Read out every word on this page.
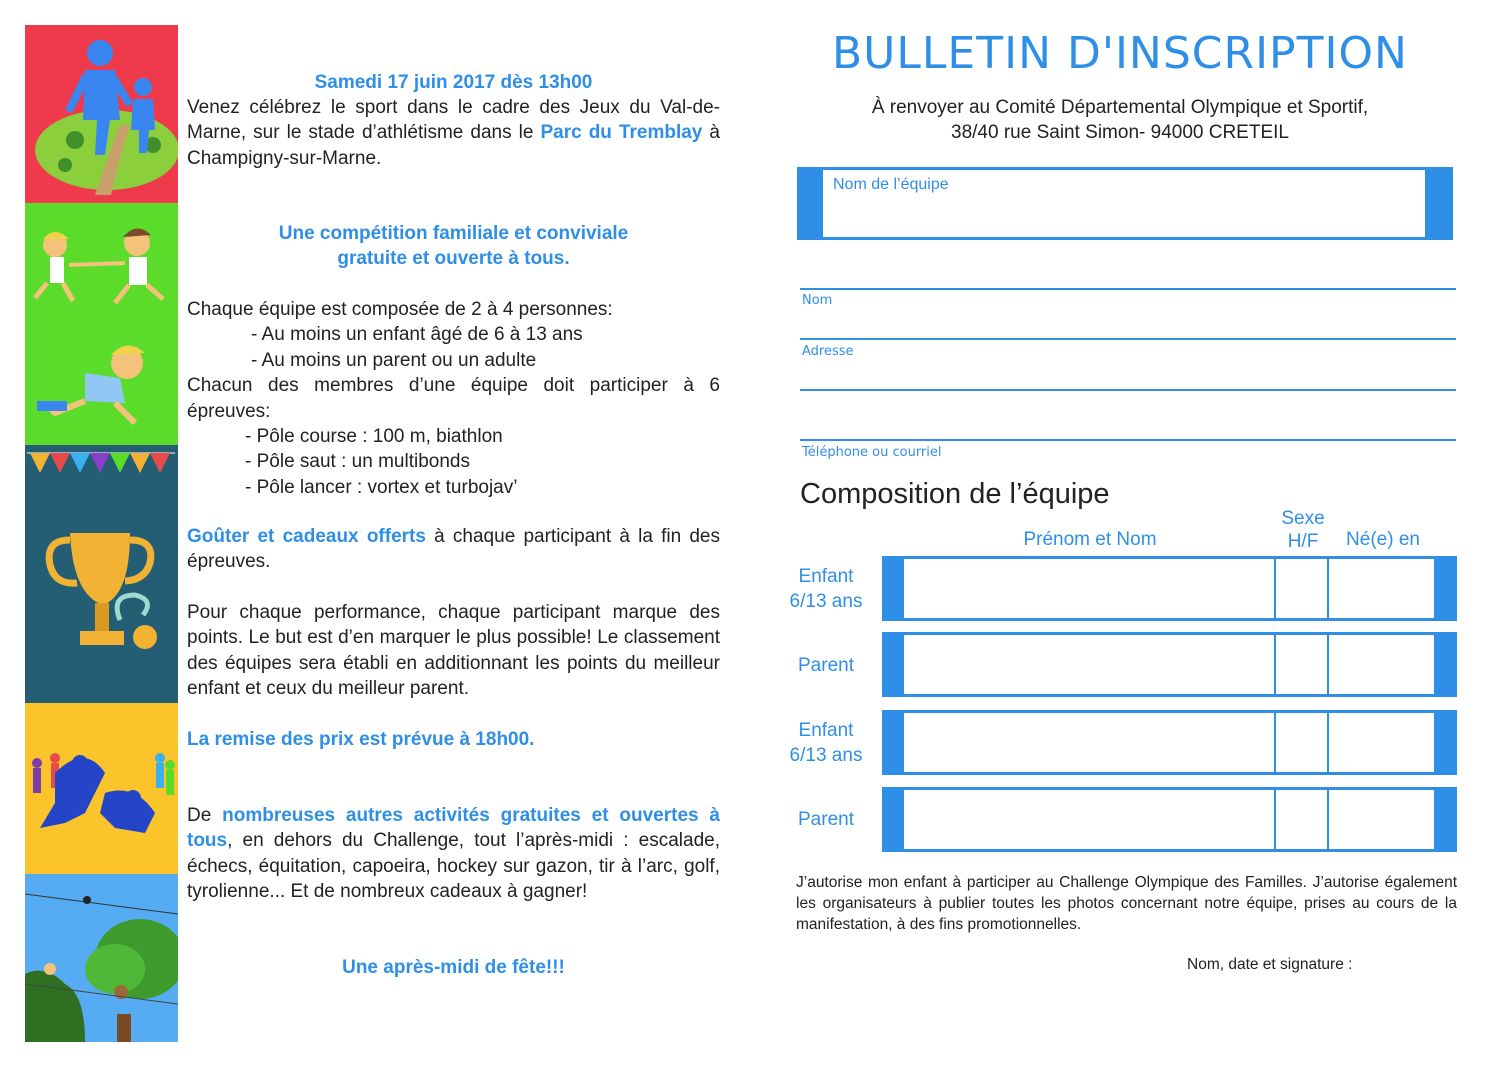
Samedi 17 juin 2017 dès 13h00

Venez célébrez le sport dans le cadre des Jeux du Val-de-Marne, sur le stade d’athlétisme dans le Parc du Tremblay à Champigny-sur-Marne.

Une compétition familiale et conviviale

gratuite et ouverte à tous.

Chaque équipe est composée de 2 à 4 personnes:

- Au moins un enfant âgé de 6 à 13 ans

- Au moins un parent ou un adulte

Chacun des membres d’une équipe doit participer à 6 épreuves:

- Pôle course : 100 m, biathlon

- Pôle saut : un multibonds

- Pôle lancer : vortex et turbojav’

Goûter et cadeaux offerts à chaque participant à la fin des épreuves.

Pour chaque performance, chaque participant marque des points. Le but est d’en marquer le plus possible! Le classement des équipes sera établi en additionnant les points du meilleur enfant et ceux du meilleur parent.
La remise des prix est prévue à 18h00.

De nombreuses autres activités gratuites et ouvertes à tous, en dehors du Challenge, tout l’après-midi : escalade, échecs, équitation, capoeira, hockey sur gazon, tir à l’arc, golf, tyrolienne... Et de nombreux cadeaux à gagner!

Une après-midi de fête!!!
BULLETIN D'INSCRIPTION
À renvoyer au Comité Départemental Olympique et Sportif,
38/40 rue Saint Simon- 94000 CRETEIL
Nom de l’équipe
Nom
Adresse
Téléphone ou courriel
Composition de l’équipe
Prénom et Nom
Sexe
H/F	Né(e) en
Enfant
6/13 ans
Parent
Enfant
6/13 ans
Parent
J’autorise mon enfant à participer au Challenge Olympique des Familles. J’autorise également les organisateurs à publier toutes les photos concernant notre équipe, prises au cours de la manifestation, à des fins promotionnelles.
Nom, date et signature :
